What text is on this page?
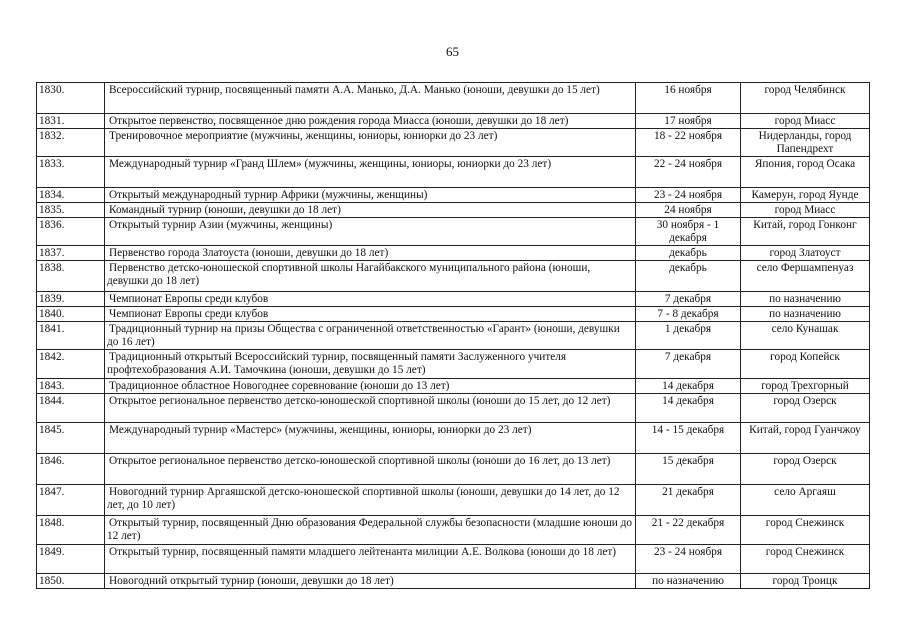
65
1830.	Всероссийский турнир, посвященный памяти А.А. Манько, Д.А. Манько (юноши, девушки до 15 лет)	16 ноября	город Челябинск
1831.	Открытое первенство, посвященное дню рождения города Миасса (юноши, девушки до 18 лет)	17 ноября	город Миасс
1832.	Тренировочное мероприятие (мужчины, женщины, юниоры, юниорки до 23 лет)	18 - 22 ноября	Нидерланды, город Папендрехт
1833.	Международный турнир «Гранд Шлем» (мужчины, женщины, юниоры, юниорки до 23 лет)	22 - 24 ноября	Япония, город Осака
1834.	Открытый международный турнир Африки (мужчины, женщины)	23 - 24 ноября	Камерун, город Яунде
1835.	Командный турнир (юноши, девушки до 18 лет)	24 ноября	город Миасс
1836.	Открытый турнир Азии (мужчины, женщины)	30 ноября - 1 декабря	Китай, город Гонконг
1837.	Первенство города Златоуста (юноши, девушки до 18 лет)	декабрь	город Златоуст
1838.	Первенство детско-юношеской спортивной школы Нагайбакского муниципального района (юноши, девушки до 18 лет)	декабрь	село Фершампенуаз
1839.	Чемпионат Европы среди клубов	7 декабря	по назначению
1840.	Чемпионат Европы среди клубов	7 - 8 декабря	по назначению
1841.	Традиционный турнир на призы Общества с ограниченной ответственностью «Гарант» (юноши, девушки до 16 лет)	1 декабря	село Кунашак
1842.	Традиционный открытый Всероссийский турнир, посвященный памяти Заслуженного учителя профтехобразования А.И. Тамочкина (юноши, девушки до 15 лет)	7 декабря	город Копейск
1843.	Традиционное областное Новогоднее соревнование (юноши до 13 лет)	14 декабря	город Трехгорный
1844.	Открытое региональное первенство детско-юношеской спортивной школы (юноши до 15 лет, до 12 лет)	14 декабря	город Озерск
1845.	Международный турнир «Мастерс» (мужчины, женщины, юниоры, юниорки до 23 лет)	14 - 15 декабря	Китай, город Гуанчжоу
1846.	Открытое региональное первенство детско-юношеской спортивной школы (юноши до 16 лет, до 13 лет)	15 декабря	город Озерск
1847.	Новогодний турнир Аргаяшской детско-юношеской спортивной школы (юноши, девушки до 14 лет, до 12 лет, до 10 лет)	21 декабря	село Аргаяш
1848.	Открытый турнир, посвященный Дню образования Федеральной службы безопасности (младшие юноши до 12 лет)	21 - 22 декабря	город Снежинск
1849.	Открытый турнир, посвященный памяти младшего лейтенанта милиции А.Е. Волкова (юноши до 18 лет)	23 - 24 ноября	город Снежинск
1850.	Новогодний открытый турнир (юноши, девушки до 18 лет)	по назначению	город Троицк
